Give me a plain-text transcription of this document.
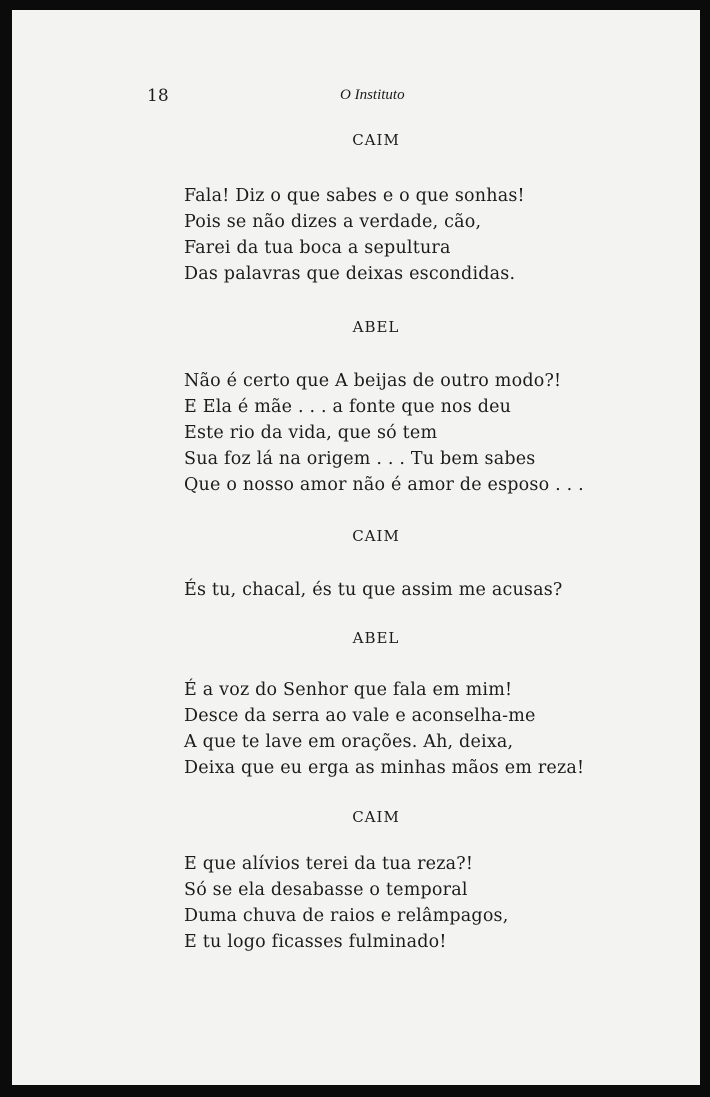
18	O Instituto
CAIM
Fala! Diz o que sabes e o que sonhas!
Pois se não dizes a verdade, cão,
Farei da tua boca a sepultura
Das palavras que deixas escondidas.
ABEL
Não é certo que A beijas de outro modo?!
E Ela é mãe . . . a fonte que nos deu
Este rio da vida, que só tem
Sua foz lá na origem . . . Tu bem sabes
Que o nosso amor não é amor de esposo . . .
CAIM
És tu, chacal, és tu que assim me acusas?
ABEL
É a voz do Senhor que fala em mim!
Desce da serra ao vale e aconselha-me
A que te lave em orações. Ah, deixa,
Deixa que eu erga as minhas mãos em reza!
CAIM
E que alívios terei da tua reza?!
Só se ela desabasse o temporal
Duma chuva de raios e relâmpagos,
E tu logo ficasses fulminado!
